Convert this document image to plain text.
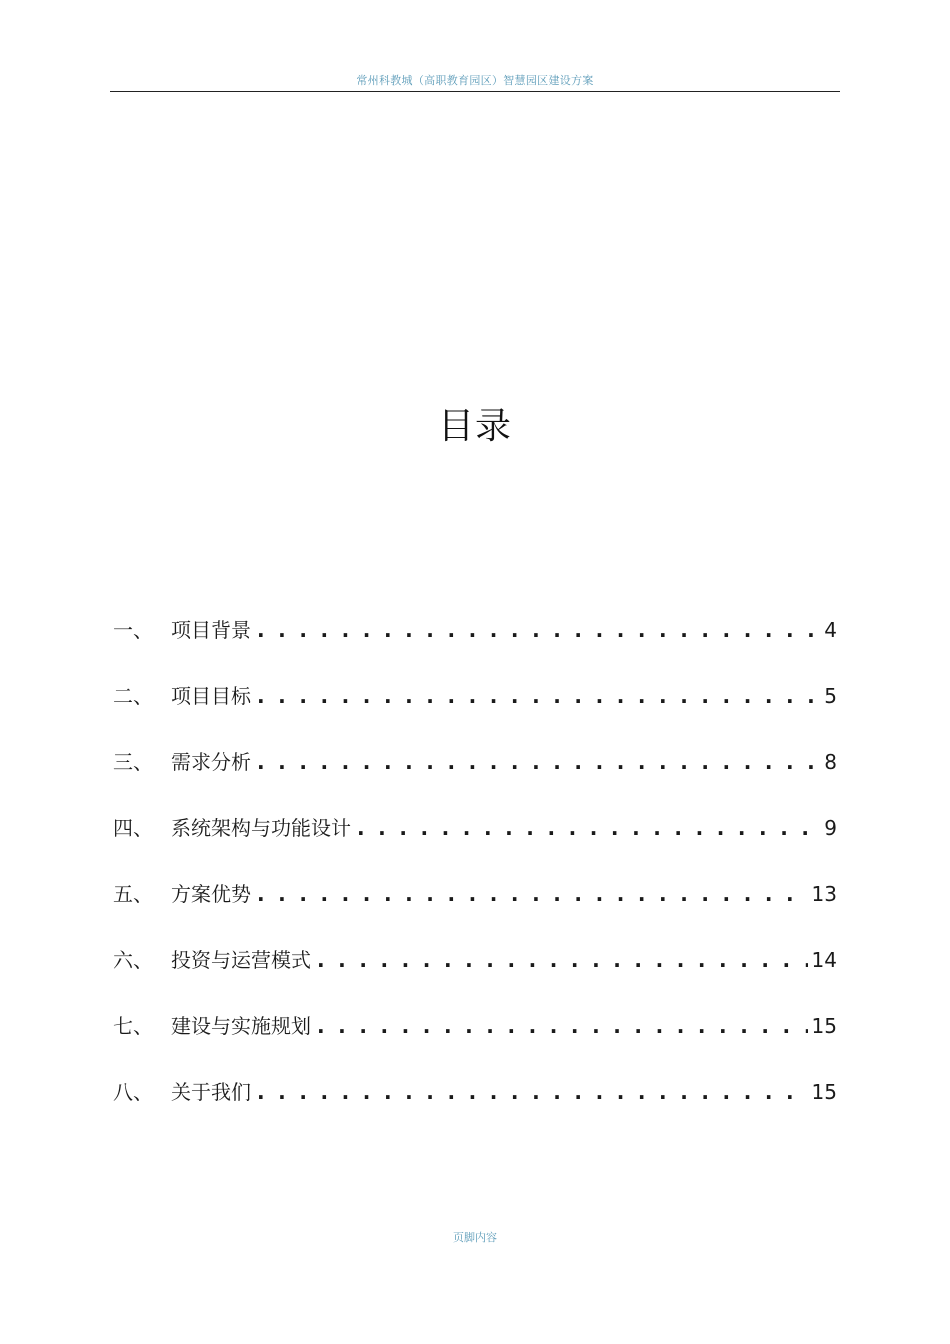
常州科教城（高职教育园区）智慧园区建设方案
目录
一、 项目背景 . . .	4
二、 项目目标 . . .	5
三、 需求分析 . . .	8
四、 系统架构与功能设计 . . .	9
五、 方案优势 . . .	13
六、 投资与运营模式 . . .	14
七、 建设与实施规划 . . .	15
八、 关于我们 . . .	15
页脚内容
